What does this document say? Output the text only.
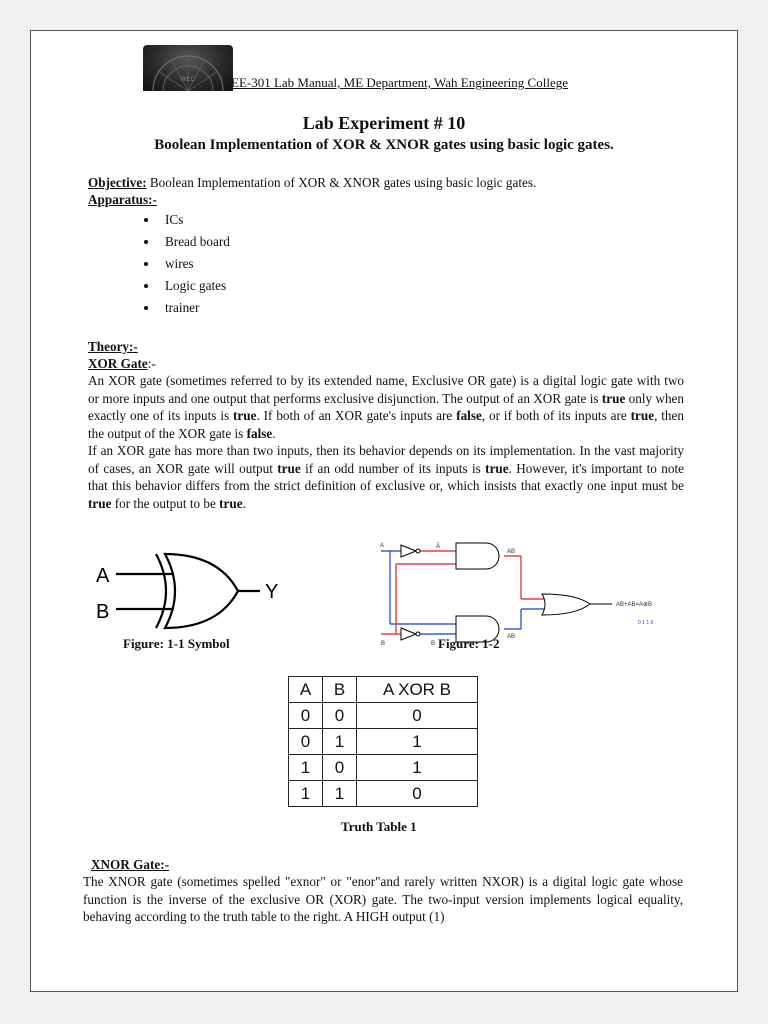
WEC	EE-301 Lab Manual, ME Department, Wah Engineering College
Lab Experiment # 10
Boolean Implementation of XOR & XNOR gates using basic logic gates.
Objective: Boolean Implementation of XOR & XNOR gates using basic logic gates.
Apparatus:-
• ICs
• Bread board
• wires
• Logic gates
• trainer
Theory:-
XOR Gate:-
An XOR gate (sometimes referred to by its extended name, Exclusive OR gate) is a digital logic gate with two or more inputs and one output that performs exclusive disjunction. The output of an XOR gate is true only when exactly one of its inputs is true. If both of an XOR gate's inputs are false, or if both of its inputs are true, then the output of the XOR gate is false.
If an XOR gate has more than two inputs, then its behavior depends on its implementation. In the vast majority of cases, an XOR gate will output true if an odd number of its inputs is true. However, it's important to note that this behavior differs from the strict definition of exclusive or, which insists that exactly one input must be true for the output to be true.
A
B
Y
A	Ā
B	B
AB
AB
AB+AB=A⊕B
0 1 1 0
Figure: 1-1 Symbol	Figure: 1-2
A	B	A XOR B
0	0	0
0	1	1
1	0	1
1	1	0
Truth Table 1
XNOR Gate:-
The XNOR gate (sometimes spelled "exnor" or "enor"and rarely written NXOR) is a digital logic gate whose function is the inverse of the exclusive OR (XOR) gate. The two-input version implements logical equality, behaving according to the truth table to the right. A HIGH output (1)
